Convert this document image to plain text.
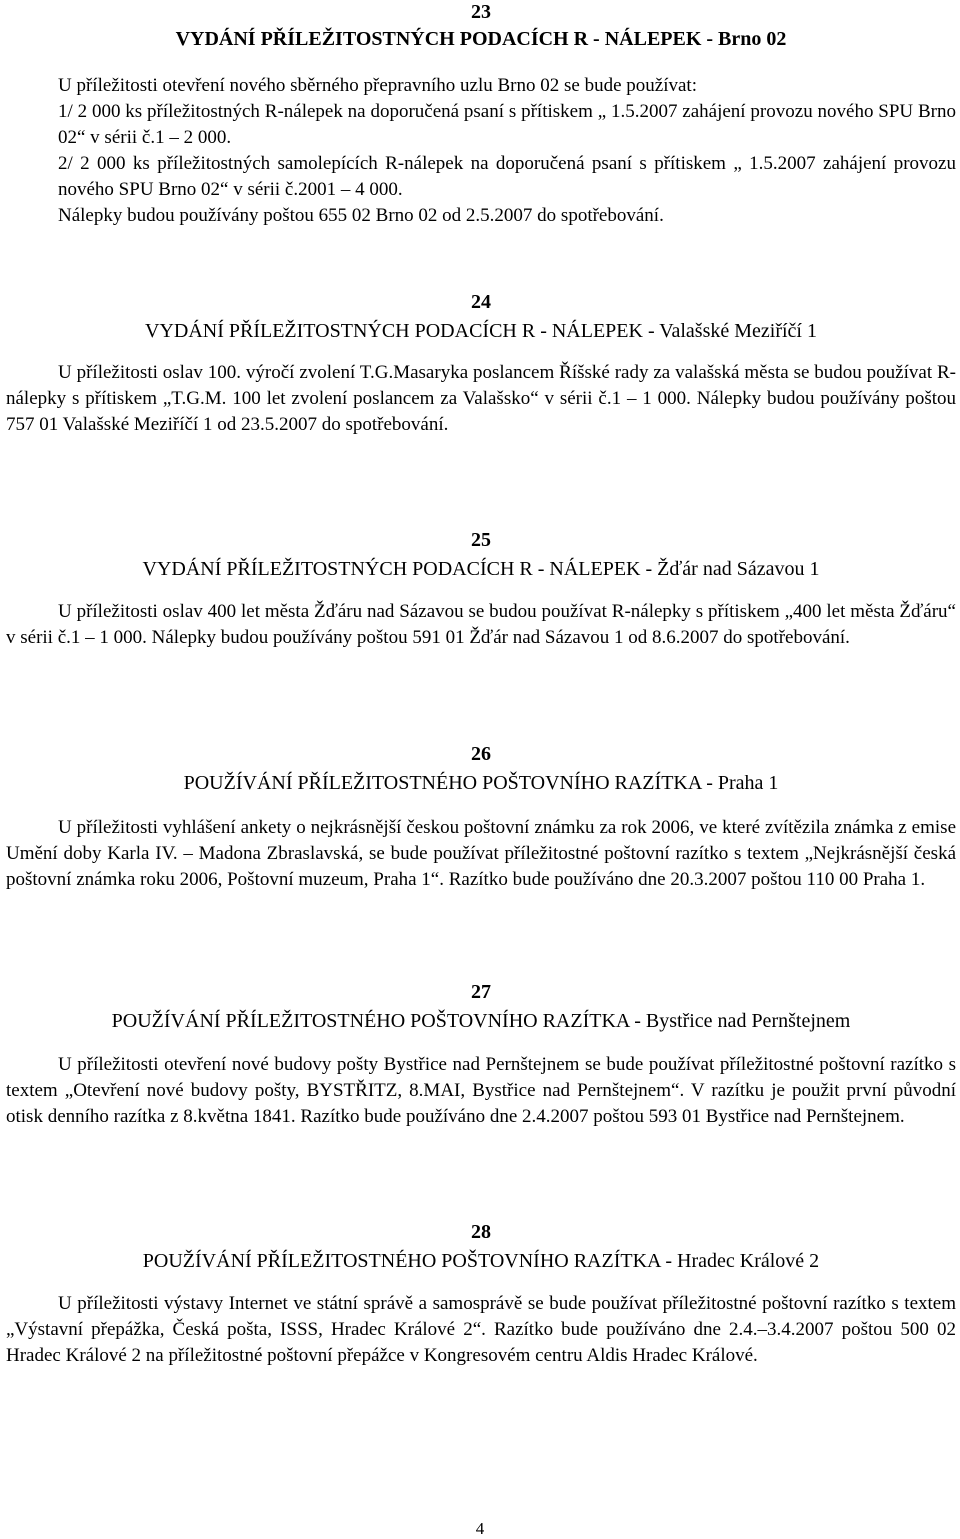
23

VYDÁNÍ PŘÍLEŽITOSTNÝCH PODACÍCH R - NÁLEPEK - Brno 02

U příležitosti otevření nového sběrného přepravního uzlu Brno 02 se bude používat:

1/ 2 000 ks příležitostných R-nálepek na doporučená psaní s přítiskem „ 1.5.2007 zahájení provozu nového SPU Brno 02“ v sérii č.1 – 2 000.
2/ 2 000 ks příležitostných samolepících R-nálepek na doporučená psaní s přítiskem „ 1.5.2007 zahájení provozu nového SPU Brno 02“ v sérii č.2001 – 4 000.
Nálepky budou používány poštou 655 02 Brno 02 od 2.5.2007 do spotřebování.

24

VYDÁNÍ PŘÍLEŽITOSTNÝCH PODACÍCH R - NÁLEPEK - Valašské Meziříčí 1

U příležitosti oslav 100. výročí zvolení T.G.Masaryka poslancem Říšské rady za valašská města se budou používat R-nálepky s přítiskem „T.G.M. 100 let zvolení poslancem za Valašsko“ v sérii č.1 – 1 000. Nálepky budou používány poštou 757 01 Valašské Meziříčí 1 od 23.5.2007 do spotřebování.

25

VYDÁNÍ PŘÍLEŽITOSTNÝCH PODACÍCH R - NÁLEPEK - Žďár nad Sázavou 1

U příležitosti oslav 400 let města Žďáru nad Sázavou se budou používat R-nálepky s přítiskem „400 let města Žďáru“ v sérii č.1 – 1 000. Nálepky budou používány poštou 591 01 Žďár nad Sázavou 1 od 8.6.2007 do spotřebování.

26

POUŽÍVÁNÍ PŘÍLEŽITOSTNÉHO POŠTOVNÍHO RAZÍTKA - Praha 1

U příležitosti vyhlášení ankety o nejkrásnější českou poštovní známku za rok 2006, ve které zvítězila známka z emise Umění doby Karla IV. – Madona Zbraslavská, se bude používat příležitostné poštovní razítko s textem „Nejkrásnější česká poštovní známka roku 2006, Poštovní muzeum, Praha 1“. Razítko bude používáno dne 20.3.2007 poštou 110 00 Praha 1.

27

POUŽÍVÁNÍ PŘÍLEŽITOSTNÉHO POŠTOVNÍHO RAZÍTKA - Bystřice nad Pernštejnem

U příležitosti otevření nové budovy pošty Bystřice nad Pernštejnem se bude používat příležitostné poštovní razítko s textem „Otevření nové budovy pošty, BYSTŘITZ, 8.MAI, Bystřice nad Pernštejnem“. V razítku je použit první původní otisk denního razítka z 8.května 1841. Razítko bude používáno dne 2.4.2007 poštou 593 01 Bystřice nad Pernštejnem.

28

POUŽÍVÁNÍ PŘÍLEŽITOSTNÉHO POŠTOVNÍHO RAZÍTKA - Hradec Králové 2

U příležitosti výstavy Internet ve státní správě a samosprávě se bude používat příležitostné poštovní razítko s textem „Výstavní přepážka, Česká pošta, ISSS, Hradec Králové 2“. Razítko bude používáno dne 2.4.–3.4.2007 poštou 500 02 Hradec Králové 2 na příležitostné poštovní přepážce v Kongresovém centru Aldis Hradec Králové.

4
